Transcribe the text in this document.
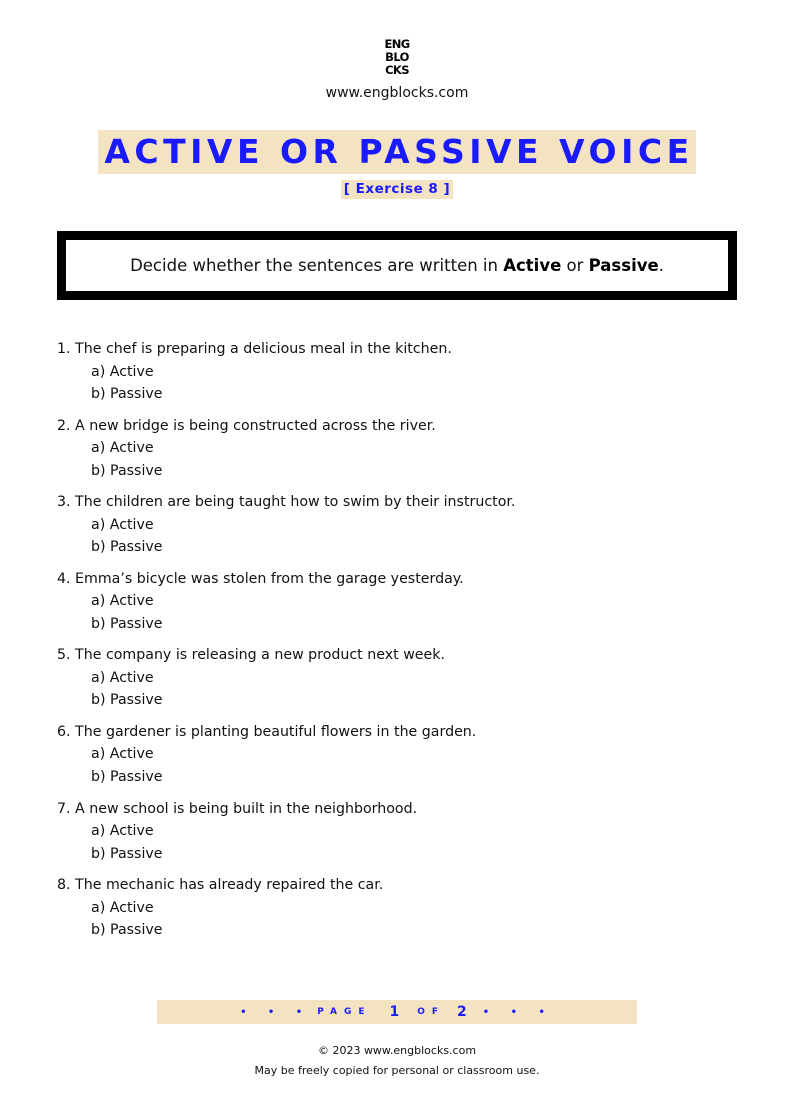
ENG
BLO
CKS
www.engblocks.com
ACTIVE OR PASSIVE VOICE
[ Exercise 8 ]
Decide whether the sentences are written in Active or Passive.
1. The chef is preparing a delicious meal in the kitchen.
a) Active
b) Passive
2. A new bridge is being constructed across the river.
a) Active
b) Passive
3. The children are being taught how to swim by their instructor.
a) Active
b) Passive
4. Emma’s bicycle was stolen from the garage yesterday.
a) Active
b) Passive
5. The company is releasing a new product next week.
a) Active
b) Passive
6. The gardener is planting beautiful flowers in the garden.
a) Active
b) Passive
7. A new school is being built in the neighborhood.
a) Active
b) Passive
8. The mechanic has already repaired the car.
a) Active
b) Passive
• • • PAGE 1 OF 2 • • •
© 2023 www.engblocks.com
May be freely copied for personal or classroom use.
